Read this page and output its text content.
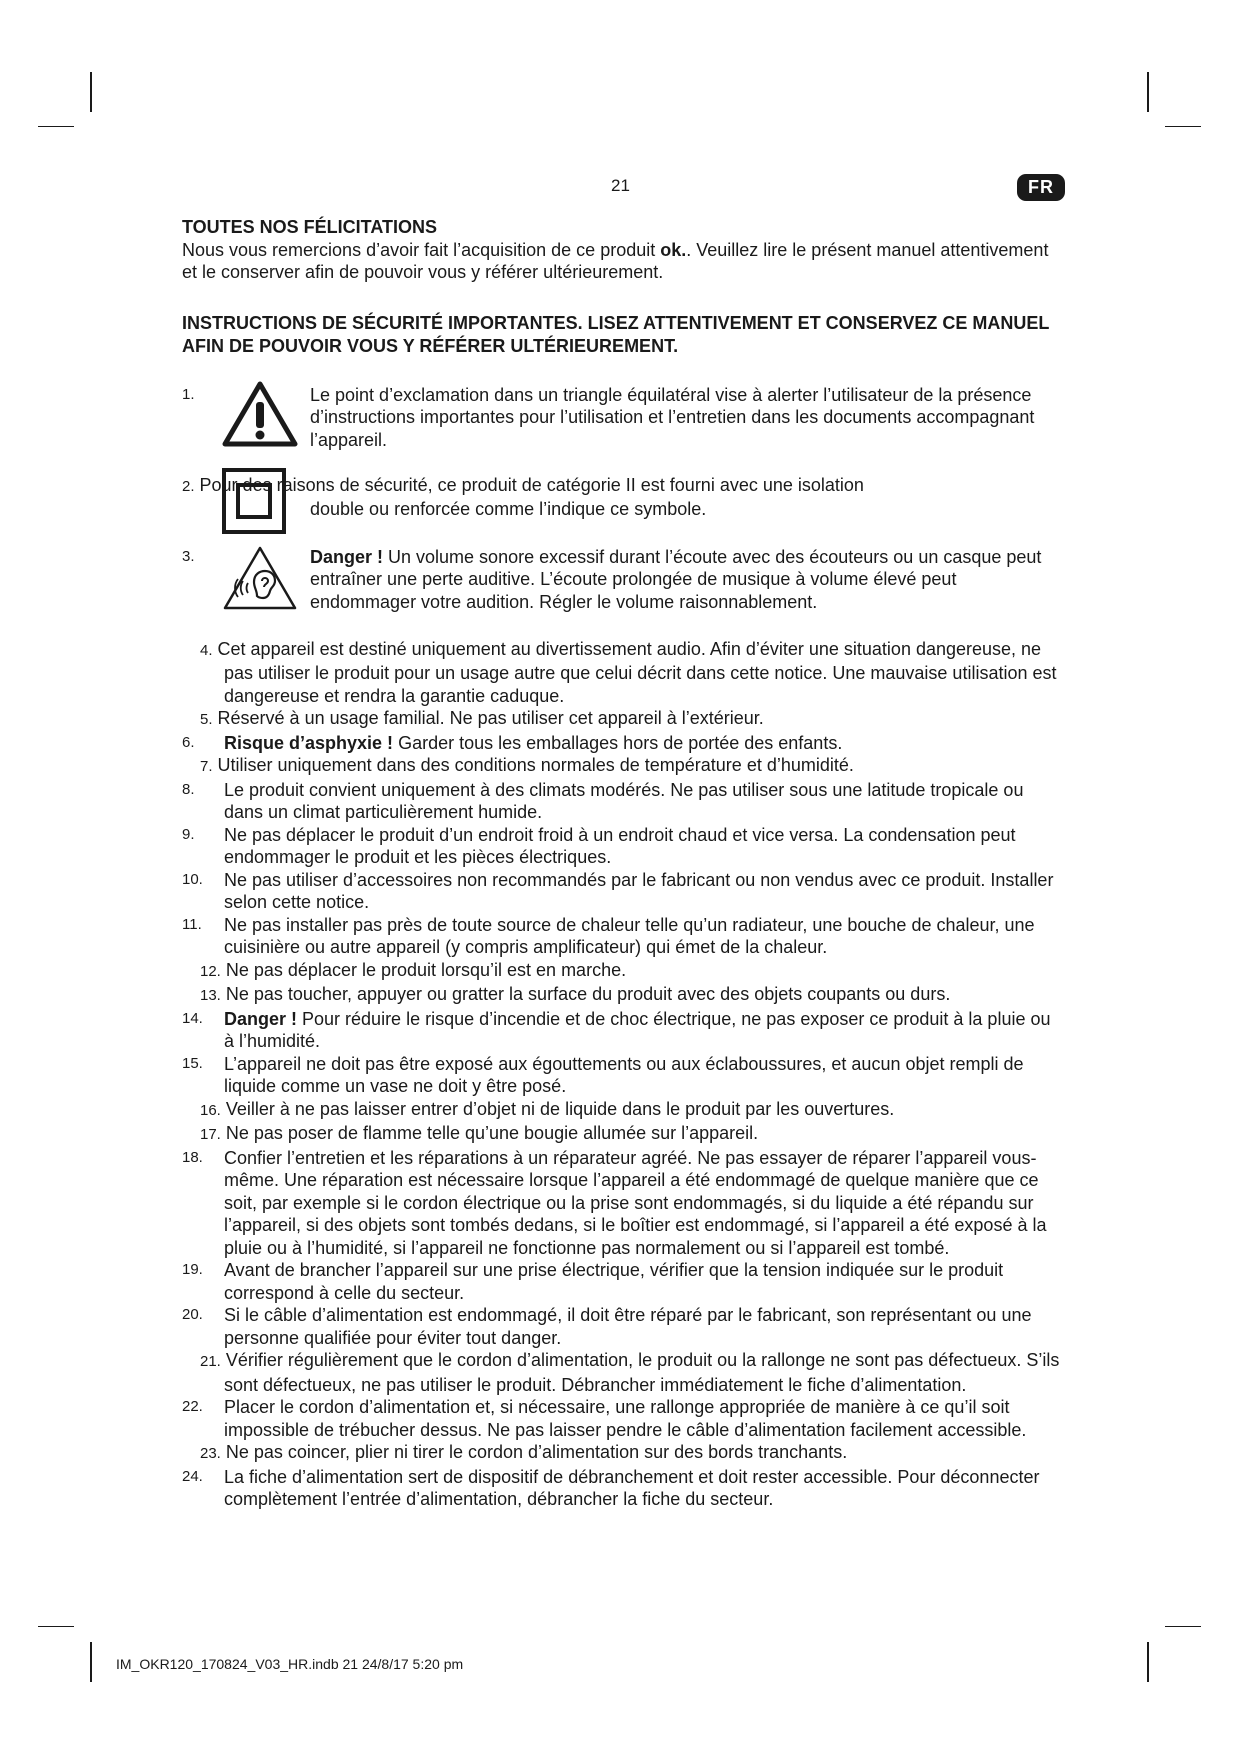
21	FR

TOUTES NOS FÉLICITATIONS

Nous vous remercions d’avoir fait l’acquisition de ce produit ok.. Veuillez lire le présent manuel attentivement et le conserver afin de pouvoir vous y référer ultérieurement.

INSTRUCTIONS DE SÉCURITÉ IMPORTANTES. LISEZ ATTENTIVEMENT ET CONSERVEZ CE MANUEL AFIN DE POUVOIR VOUS Y RÉFÉRER ULTÉRIEUREMENT.

1.	Le point d’exclamation dans un triangle équilatéral vise à alerter l’utilisateur de la présence d’instructions importantes pour l’utilisation et l’entretien dans les documents accompagnant l’appareil.
2. Pour des raisons de sécurité, ce produit de catégorie II est fourni avec une isolation
double ou renforcée comme l’indique ce symbole.
3.	Danger ! Un volume sonore excessif durant l’écoute avec des écouteurs ou un casque peut entraîner une perte auditive. L’écoute prolongée de musique à volume élevé peut endommager votre audition. Régler le volume raisonnablement.
4. Cet appareil est destiné uniquement au divertissement audio. Afin d’éviter une situation dangereuse, ne pas utiliser le produit pour un usage autre que celui décrit dans cette notice. Une mauvaise utilisation est dangereuse et rendra la garantie caduque.
5. Réservé à un usage familial. Ne pas utiliser cet appareil à l’extérieur.
6. Risque d’asphyxie ! Garder tous les emballages hors de portée des enfants.
7. Utiliser uniquement dans des conditions normales de température et d’humidité.
8. Le produit convient uniquement à des climats modérés. Ne pas utiliser sous une latitude tropicale ou dans un climat particulièrement humide.
9. Ne pas déplacer le produit d’un endroit froid à un endroit chaud et vice versa. La condensation peut endommager le produit et les pièces électriques.
10. Ne pas utiliser d’accessoires non recommandés par le fabricant ou non vendus avec ce produit. Installer selon cette notice.
11. Ne pas installer pas près de toute source de chaleur telle qu’un radiateur, une bouche de chaleur, une cuisinière ou autre appareil (y compris amplificateur) qui émet de la chaleur.
12. Ne pas déplacer le produit lorsqu’il est en marche.
13. Ne pas toucher, appuyer ou gratter la surface du produit avec des objets coupants ou durs.
14. Danger ! Pour réduire le risque d’incendie et de choc électrique, ne pas exposer ce produit à la pluie ou à l’humidité.
15. L’appareil ne doit pas être exposé aux égouttements ou aux éclaboussures, et aucun objet rempli de liquide comme un vase ne doit y être posé.
16. Veiller à ne pas laisser entrer d’objet ni de liquide dans le produit par les ouvertures.
17. Ne pas poser de flamme telle qu’une bougie allumée sur l’appareil.
18. Confier l’entretien et les réparations à un réparateur agréé. Ne pas essayer de réparer l’appareil vous-même. Une réparation est nécessaire lorsque l’appareil a été endommagé de quelque manière que ce soit, par exemple si le cordon électrique ou la prise sont endommagés, si du liquide a été répandu sur l’appareil, si des objets sont tombés dedans, si le boîtier est endommagé, si l’appareil a été exposé à la pluie ou à l’humidité, si l’appareil ne fonctionne pas normalement ou si l’appareil est tombé.
19. Avant de brancher l’appareil sur une prise électrique, vérifier que la tension indiquée sur le produit correspond à celle du secteur.
20. Si le câble d’alimentation est endommagé, il doit être réparé par le fabricant, son représentant ou une personne qualifiée pour éviter tout danger.
21. Vérifier régulièrement que le cordon d’alimentation, le produit ou la rallonge ne sont pas défectueux. S’ils sont défectueux, ne pas utiliser le produit. Débrancher immédiatement le fiche d’alimentation.
22. Placer le cordon d’alimentation et, si nécessaire, une rallonge appropriée de manière à ce qu’il soit impossible de trébucher dessus. Ne pas laisser pendre le câble d’alimentation facilement accessible.
23. Ne pas coincer, plier ni tirer le cordon d’alimentation sur des bords tranchants.
24. La fiche d’alimentation sert de dispositif de débranchement et doit rester accessible. Pour déconnecter complètement l’entrée d’alimentation, débrancher la fiche du secteur.
IM_OKR120_170824_V03_HR.indb 21 24/8/17 5:20 pm
